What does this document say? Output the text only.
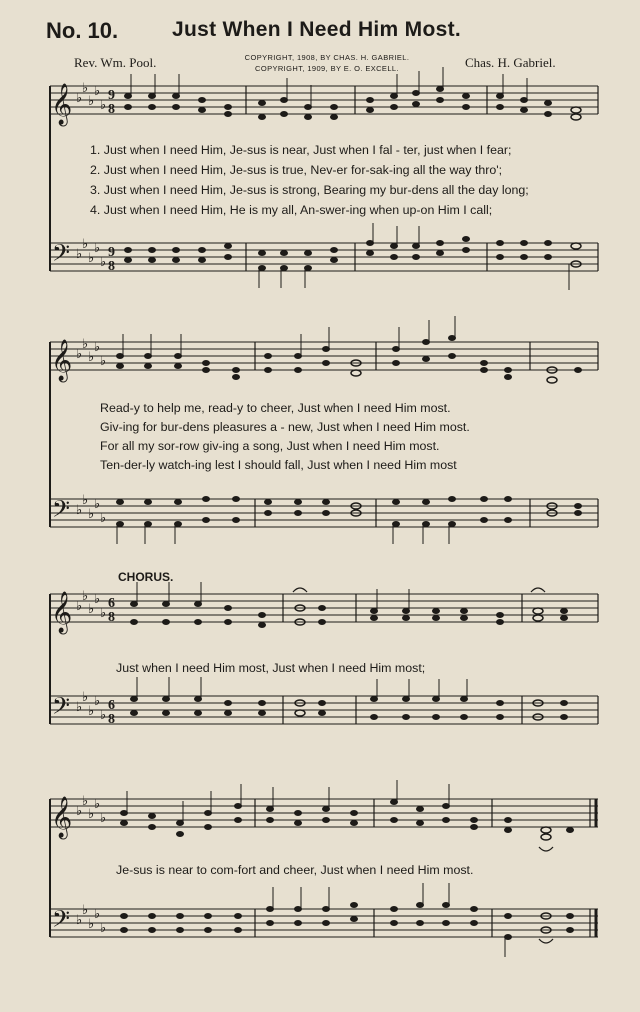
No. 10.	Just When I Need Him Most.
Rev. Wm. Pool.	COPYRIGHT, 1908, BY CHAS. H. GABRIEL.
COPYRIGHT, 1909, BY E. O. EXCELL.	Chas. H. Gabriel.
𝄞
𝄢
♭
♭
♭
♭
♭
♭
♭
♭
♭
♭
9
8
9
8
1. Just when I need Him, Je-sus is near, Just when I fal - ter, just when I fear;
2. Just when I need Him, Je-sus is true, Nev-er for-sak-ing all the way thro';
3. Just when I need Him, Je-sus is strong, Bearing my bur-dens all the day long;
4. Just when I need Him, He is my all, An-swer-ing when up-on Him I call;
𝄞
𝄢
♭
♭
♭
♭
♭
♭
♭
♭
♭
♭
Read-y to help me, read-y to cheer, Just when I need Him most.
Giv-ing for bur-dens pleasures a - new, Just when I need Him most.
For all my sor-row giv-ing a song, Just when I need Him most.
Ten-der-ly watch-ing lest I should fall, Just when I need Him most
CHORUS.
𝄞
𝄢
♭
♭
♭
♭
♭
♭
♭
♭
♭
♭
6
8
6
8
Just when I need Him most, Just when I need Him most;
𝄞
𝄢
♭
♭
♭
♭
♭
♭
♭
♭
♭
♭
Je-sus is near to com-fort and cheer, Just when I need Him most.
